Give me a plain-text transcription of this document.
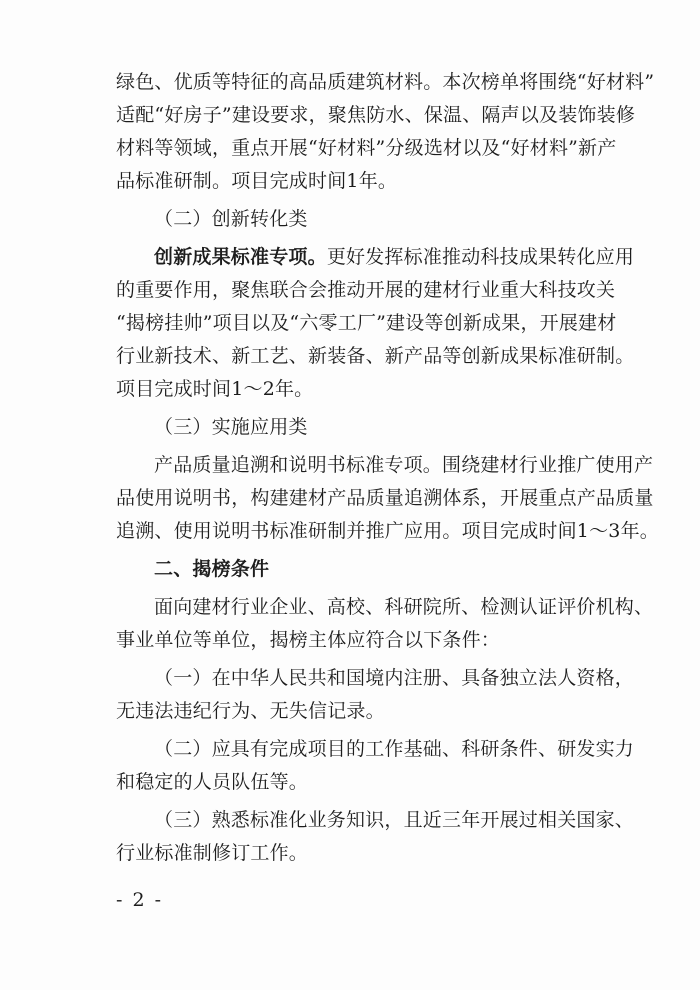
绿色、优质等特征的高品质建筑材料。本次榜单将围绕“好材料”
适配“好房子”建设要求，聚焦防水、保温、隔声以及装饰装修
材料等领域，重点开展“好材料”分级选材以及“好材料”新产
品标准研制。项目完成时间1年。
（二）创新转化类
创新成果标准专项。更好发挥标准推动科技成果转化应用
的重要作用，聚焦联合会推动开展的建材行业重大科技攻关
“揭榜挂帅”项目以及“六零工厂”建设等创新成果，开展建材
行业新技术、新工艺、新装备、新产品等创新成果标准研制。
项目完成时间1～2年。
（三）实施应用类
产品质量追溯和说明书标准专项。围绕建材行业推广使用产
品使用说明书，构建建材产品质量追溯体系，开展重点产品质量
追溯、使用说明书标准研制并推广应用。项目完成时间1～3年。
二、揭榜条件
面向建材行业企业、高校、科研院所、检测认证评价机构、
事业单位等单位，揭榜主体应符合以下条件：
（一）在中华人民共和国境内注册、具备独立法人资格，
无违法违纪行为、无失信记录。
（二）应具有完成项目的工作基础、科研条件、研发实力
和稳定的人员队伍等。
（三）熟悉标准化业务知识，且近三年开展过相关国家、
行业标准制修订工作。
- 2 -
